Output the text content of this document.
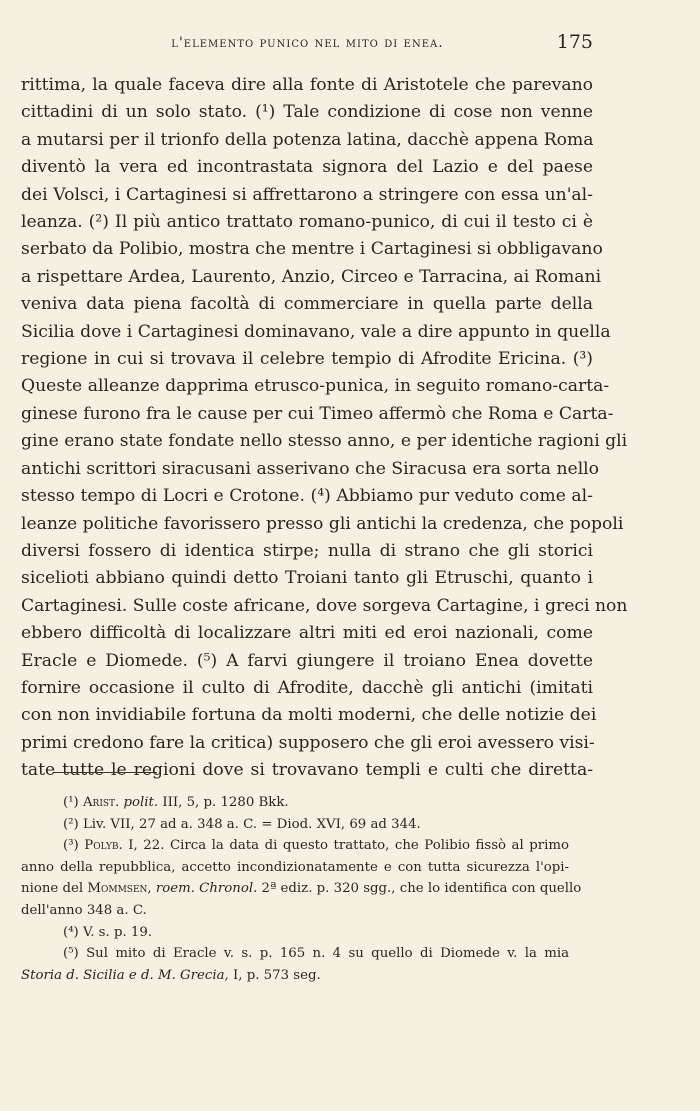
l'elemento punico nel mito di enea.	175
rittima, la quale faceva dire alla fonte di Aristotele che parevano
cittadini di un solo stato. (¹) Tale condizione di cose non venne
a mutarsi per il trionfo della potenza latina, dacchè appena Roma
diventò la vera ed incontrastata signora del Lazio e del paese
dei Volsci, i Cartaginesi si affrettarono a stringere con essa un'al-
leanza. (²) Il più antico trattato romano-punico, di cui il testo ci è
serbato da Polibio, mostra che mentre i Cartaginesi si obbligavano
a rispettare Ardea, Laurento, Anzio, Circeo e Tarracina, ai Romani
veniva data piena facoltà di commerciare in quella parte della
Sicilia dove i Cartaginesi dominavano, vale a dire appunto in quella
regione in cui si trovava il celebre tempio di Afrodite Ericina. (³)
Queste alleanze dapprima etrusco-punica, in seguito romano-carta-
ginese furono fra le cause per cui Timeo affermò che Roma e Carta-
gine erano state fondate nello stesso anno, e per identiche ragioni gli
antichi scrittori siracusani asserivano che Siracusa era sorta nello
stesso tempo di Locri e Crotone. (⁴) Abbiamo pur veduto come al-
leanze politiche favorissero presso gli antichi la credenza, che popoli
diversi fossero di identica stirpe; nulla di strano che gli storici
sicelioti abbiano quindi detto Troiani tanto gli Etruschi, quanto i
Cartaginesi. Sulle coste africane, dove sorgeva Cartagine, i greci non
ebbero difficoltà di localizzare altri miti ed eroi nazionali, come
Eracle e Diomede. (⁵) A farvi giungere il troiano Enea dovette
fornire occasione il culto di Afrodite, dacchè gli antichi (imitati
con non invidiabile fortuna da molti moderni, che delle notizie dei
primi credono fare la critica) supposero che gli eroi avessero visi-
tate tutte le regioni dove si trovavano templi e culti che diretta-
(¹) Arist. polit. III, 5, p. 1280 Bkk.
(²) Liv. VII, 27 ad a. 348 a. C. = Diod. XVI, 69 ad 344.
(³) Polyb. I, 22. Circa la data di questo trattato, che Polibio fissò al primo
anno della repubblica, accetto incondizionatamente e con tutta sicurezza l'opi-
nione del Mommsen, roem. Chronol. 2ª ediz. p. 320 sgg., che lo identifica con quello
dell'anno 348 a. C.
(⁴) V. s. p. 19.
(⁵) Sul mito di Eracle v. s. p. 165 n. 4 su quello di Diomede v. la mia
Storia d. Sicilia e d. M. Grecia, I, p. 573 seg.
